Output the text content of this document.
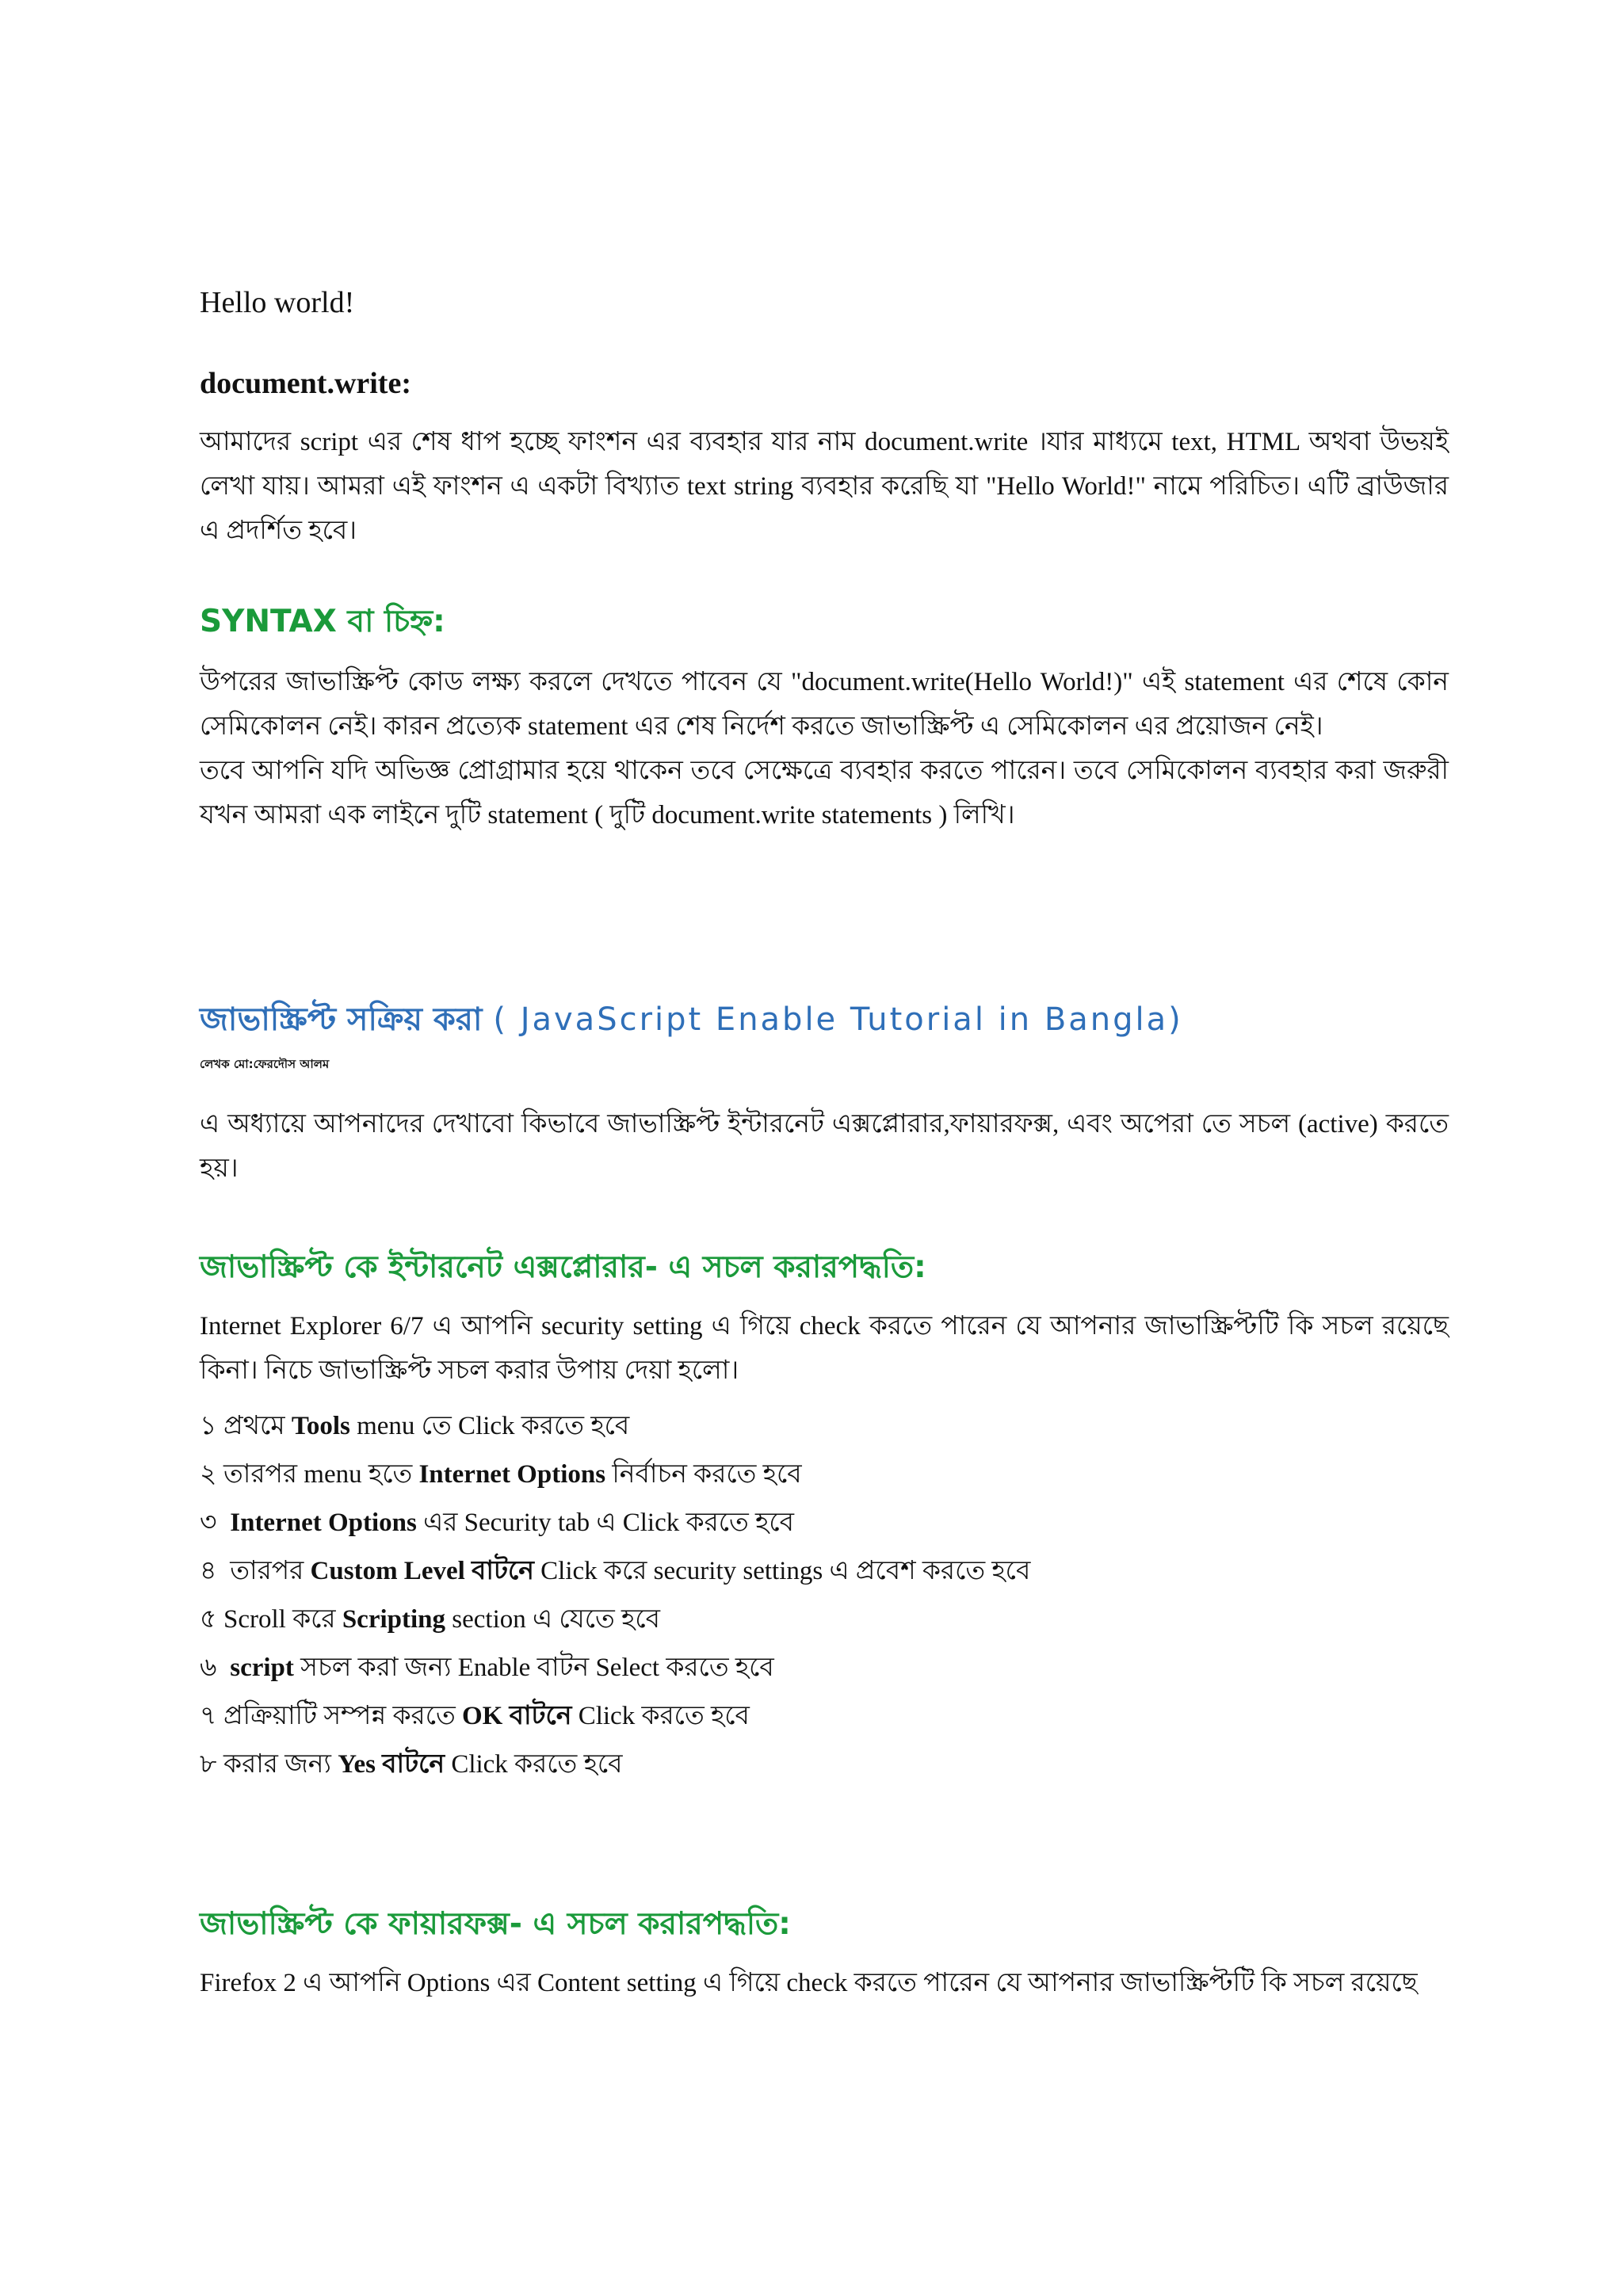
Hello world!
document.write:

আমাদের script এর শেষ ধাপ হচ্ছে ফাংশন এর ব্যবহার যার নাম document.write ।যার মাধ্যমে text, HTML অথবা উভয়ই লেখা যায়। আমরা এই ফাংশন এ একটা বিখ্যাত text string ব্যবহার করেছি যা "Hello World!" নামে পরিচিত। এটি ব্রাউজার এ প্রদর্শিত হবে।

SYNTAX বা চিহ্ন:

উপরের জাভাস্ক্রিপ্ট কোড লক্ষ্য করলে দেখতে পাবেন যে "document.write(Hello World!)" এই statement এর শেষে কোন সেমিকোলন নেই। কারন প্রত্যেক statement এর শেষ নির্দেশ করতে জাভাস্ক্রিপ্ট এ সেমিকোলন এর প্রয়োজন নেই।

তবে আপনি যদি অভিজ্ঞ প্রোগ্রামার হয়ে থাকেন তবে সেক্ষেত্রে ব্যবহার করতে পারেন। তবে সেমিকোলন ব্যবহার করা জরুরী যখন আমরা এক লাইনে দুটি statement ( দুটি document.write statements ) লিখি।

জাভাস্ক্রিপ্ট সক্রিয় করা ( JavaScript Enable Tutorial in Bangla)
লেখক মো:ফেরদৌস আলম

এ অধ্যায়ে আপনাদের দেখাবো কিভাবে জাভাস্ক্রিপ্ট ইন্টারনেট এক্সপ্লোরার,ফায়ারফক্স, এবং অপেরা তে সচল (active) করতে হয়।

জাভাস্ক্রিপ্ট কে ইন্টারনেট এক্সপ্লোরার- এ সচল করারপদ্ধতি:

Internet Explorer 6/7 এ আপনি security setting এ গিয়ে check করতে পারেন যে আপনার জাভাস্ক্রিপ্টটি কি সচল রয়েছে কিনা। নিচে জাভাস্ক্রিপ্ট সচল করার উপায় দেয়া হলো।

১ প্রথমে Tools menu তে Click করতে হবে
২ তারপর menu হতে Internet Options নির্বাচন করতে হবে
৩ Internet Options এর Security tab এ Click করতে হবে
৪ তারপর Custom Level বাটনে Click করে security settings এ প্রবেশ করতে হবে
৫ Scroll করে Scripting section এ যেতে হবে
৬ script সচল করা জন্য Enable বাটন Select করতে হবে
৭ প্রক্রিয়াটি সম্পন্ন করতে OK বাটনে Click করতে হবে
৮ করার জন্য Yes বাটনে Click করতে হবে
জাভাস্ক্রিপ্ট কে ফায়ারফক্স- এ সচল করারপদ্ধতি:

Firefox 2 এ আপনি Options এর Content setting এ গিয়ে check করতে পারেন যে আপনার জাভাস্ক্রিপ্টটি কি সচল রয়েছে
